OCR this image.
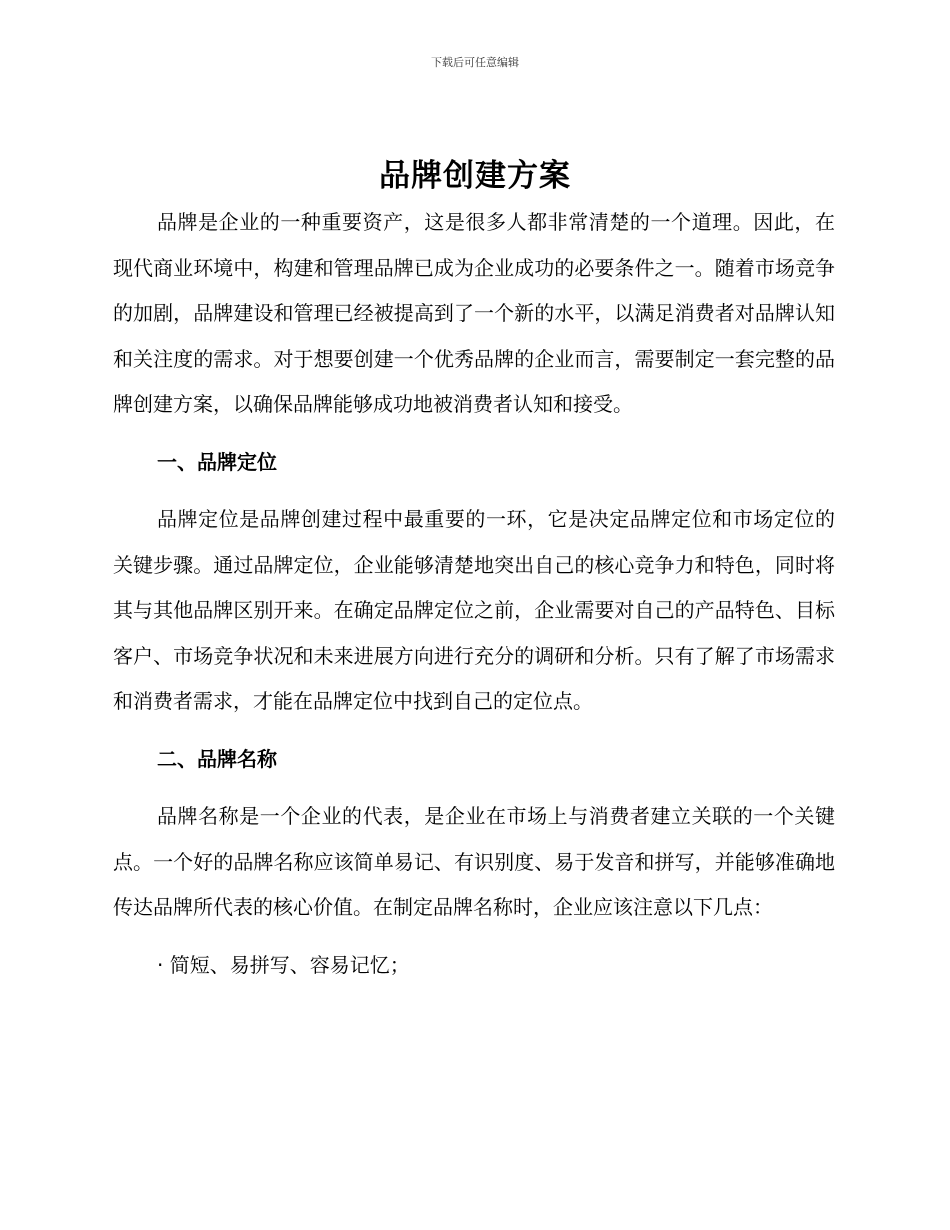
下载后可任意编辑
品牌创建方案

品牌是企业的一种重要资产，这是很多人都非常清楚的一个道理。因此，在现代商业环境中，构建和管理品牌已成为企业成功的必要条件之一。随着市场竞争的加剧，品牌建设和管理已经被提高到了一个新的水平，以满足消费者对品牌认知和关注度的需求。对于想要创建一个优秀品牌的企业而言，需要制定一套完整的品牌创建方案，以确保品牌能够成功地被消费者认知和接受。

一、品牌定位

品牌定位是品牌创建过程中最重要的一环，它是决定品牌定位和市场定位的关键步骤。通过品牌定位，企业能够清楚地突出自己的核心竞争力和特色，同时将其与其他品牌区别开来。在确定品牌定位之前，企业需要对自己的产品特色、目标客户、市场竞争状况和未来进展方向进行充分的调研和分析。只有了解了市场需求和消费者需求，才能在品牌定位中找到自己的定位点。

二、品牌名称

品牌名称是一个企业的代表，是企业在市场上与消费者建立关联的一个关键点。一个好的品牌名称应该简单易记、有识别度、易于发音和拼写，并能够准确地传达品牌所代表的核心价值。在制定品牌名称时，企业应该注意以下几点：

· 简短、易拼写、容易记忆；
